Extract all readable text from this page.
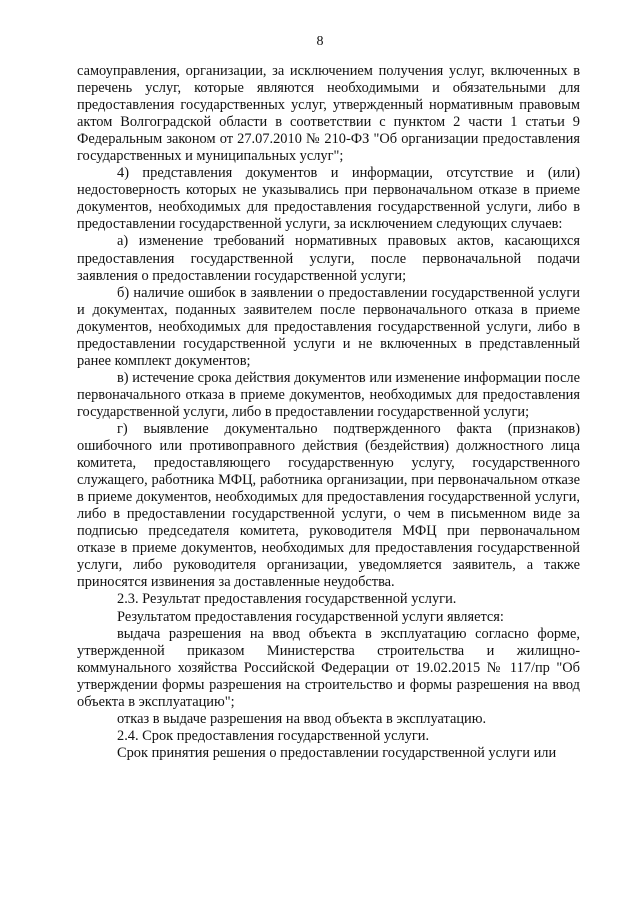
8

самоуправления, организации, за исключением получения услуг, включенных в перечень услуг, которые являются необходимыми и обязательными для предоставления государственных услуг, утвержденный нормативным правовым актом Волгоградской области в соответствии с пунктом 2 части 1 статьи 9 Федеральным законом от 27.07.2010 № 210-ФЗ "Об организации предоставления государственных и муниципальных услуг";

4) представления документов и информации, отсутствие и (или) недостоверность которых не указывались при первоначальном отказе в приеме документов, необходимых для предоставления государственной услуги, либо в предоставлении государственной услуги, за исключением следующих случаев:

а) изменение требований нормативных правовых актов, касающихся предоставления государственной услуги, после первоначальной подачи заявления о предоставлении государственной услуги;

б) наличие ошибок в заявлении о предоставлении государственной услуги и документах, поданных заявителем после первоначального отказа в приеме документов, необходимых для предоставления государственной услуги, либо в предоставлении государственной услуги и не включенных в представленный ранее комплект документов;

в) истечение срока действия документов или изменение информации после первоначального отказа в приеме документов, необходимых для предоставления государственной услуги, либо в предоставлении государственной услуги;

г) выявление документально подтвержденного факта (признаков) ошибочного или противоправного действия (бездействия) должностного лица комитета, предоставляющего государственную услугу, государственного служащего, работника МФЦ, работника организации, при первоначальном отказе в приеме документов, необходимых для предоставления государственной услуги, либо в предоставлении государственной услуги, о чем в письменном виде за подписью председателя комитета, руководителя МФЦ при первоначальном отказе в приеме документов, необходимых для предоставления государственной услуги, либо руководителя организации, уведомляется заявитель, а также приносятся извинения за доставленные неудобства.

2.3. Результат предоставления государственной услуги.

Результатом предоставления государственной услуги является:

выдача разрешения на ввод объекта в эксплуатацию согласно форме, утвержденной приказом Министерства строительства и жилищно-коммунального хозяйства Российской Федерации от 19.02.2015 № 117/пр "Об утверждении формы разрешения на строительство и формы разрешения на ввод объекта в эксплуатацию";

отказ в выдаче разрешения на ввод объекта в эксплуатацию.

2.4. Срок предоставления государственной услуги.

Срок принятия решения о предоставлении государственной услуги или
